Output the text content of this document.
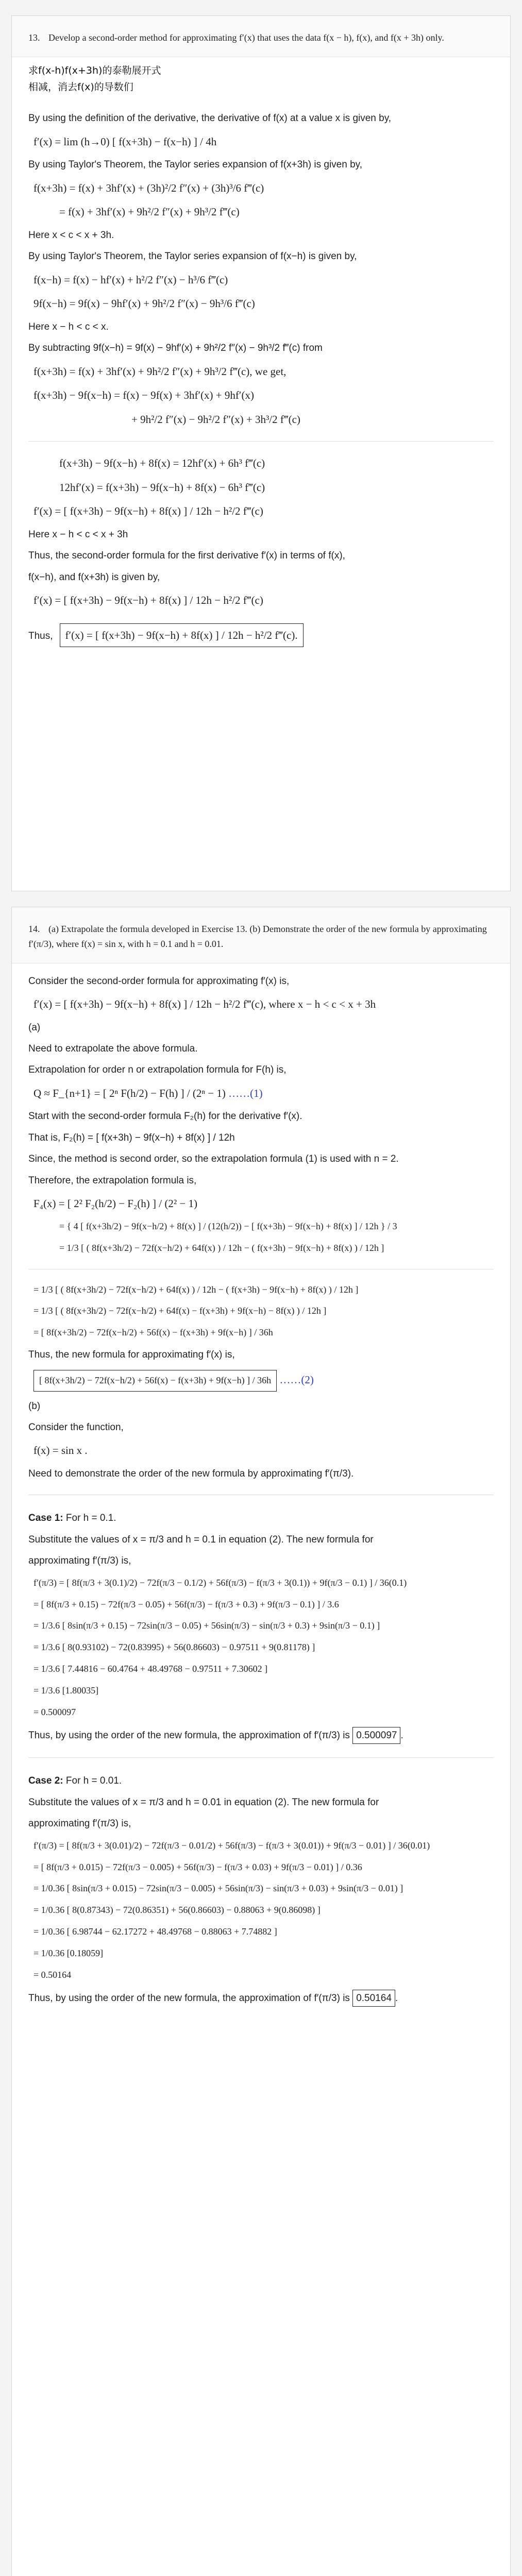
13. Develop a second-order method for approximating f′(x) that uses the data f(x − h), f(x), and f(x + 3h) only.
求f(x-h)f(x+3h)的泰勒展开式
相减，消去f(x)的导数们
By using the definition of the derivative, the derivative of f(x) at a value x is given by,
f′(x) = lim (h→0) [ f(x+3h) − f(x−h) ] / 4h
By using Taylor's Theorem, the Taylor series expansion of f(x+3h) is given by,
f(x+3h) = f(x) + 3hf′(x) + (3h)²/2 f″(x) + (3h)³/6 f‴(c)
= f(x) + 3hf′(x) + 9h²/2 f″(x) + 9h³/2 f‴(c)
Here x < c < x + 3h.
By using Taylor's Theorem, the Taylor series expansion of f(x−h) is given by,
f(x−h) = f(x) − hf′(x) + h²/2 f″(x) − h³/6 f‴(c)
9f(x−h) = 9f(x) − 9hf′(x) + 9h²/2 f″(x) − 9h³/6 f‴(c)
Here x − h < c < x.
By subtracting 9f(x−h) = 9f(x) − 9hf′(x) + 9h²/2 f″(x) − 9h³/2 f‴(c) from
f(x+3h) = f(x) + 3hf′(x) + 9h²/2 f″(x) + 9h³/2 f‴(c), we get,
f(x+3h) − 9f(x−h) = f(x) − 9f(x) + 3hf′(x) + 9hf′(x)
+ 9h²/2 f″(x) − 9h²/2 f″(x) + 3h³/2 f‴(c)
f(x+3h) − 9f(x−h) + 8f(x) = 12hf′(x) + 6h³ f‴(c)
12hf′(x) = f(x+3h) − 9f(x−h) + 8f(x) − 6h³ f‴(c)
f′(x) = [ f(x+3h) − 9f(x−h) + 8f(x) ] / 12h − h²/2 f‴(c)
Here x − h < c < x + 3h
Thus, the second-order formula for the first derivative f′(x) in terms of f(x),
f(x−h), and f(x+3h) is given by,
f′(x) = [ f(x+3h) − 9f(x−h) + 8f(x) ] / 12h − h²/2 f‴(c)
Thus, f′(x) = [ f(x+3h) − 9f(x−h) + 8f(x) ] / 12h − h²/2 f‴(c).
14. (a) Extrapolate the formula developed in Exercise 13. (b) Demonstrate the order of the new formula by approximating f′(π/3), where f(x) = sin x, with h = 0.1 and h = 0.01.
Consider the second-order formula for approximating f′(x) is,
f′(x) = [ f(x+3h) − 9f(x−h) + 8f(x) ] / 12h − h²/2 f‴(c), where x − h < c < x + 3h
(a)
Need to extrapolate the above formula.
Extrapolation for order n or extrapolation formula for F(h) is,
Q ≈ F_{n+1} = [ 2ⁿ F(h/2) − F(h) ] / (2ⁿ − 1) ……(1)
Start with the second-order formula F₂(h) for the derivative f′(x).
That is, F₂(h) = [ f(x+3h) − 9f(x−h) + 8f(x) ] / 12h
Since, the method is second order, so the extrapolation formula (1) is used with n = 2.
Therefore, the extrapolation formula is,
F₄(x) = [ 2² F₂(h/2) − F₂(h) ] / (2² − 1)
= { 4 [ f(x+3h/2) − 9f(x−h/2) + 8f(x) ] / (12(h/2)) − [ f(x+3h) − 9f(x−h) + 8f(x) ] / 12h } / 3
= 1/3 [ ( 8f(x+3h/2) − 72f(x−h/2) + 64f(x) ) / 12h − ( f(x+3h) − 9f(x−h) + 8f(x) ) / 12h ]
= 1/3 [ ( 8f(x+3h/2) − 72f(x−h/2) + 64f(x) ) / 12h − ( f(x+3h) − 9f(x−h) + 8f(x) ) / 12h ]
= 1/3 [ ( 8f(x+3h/2) − 72f(x−h/2) + 64f(x) − f(x+3h) + 9f(x−h) − 8f(x) ) / 12h ]
= [ 8f(x+3h/2) − 72f(x−h/2) + 56f(x) − f(x+3h) + 9f(x−h) ] / 36h
Thus, the new formula for approximating f′(x) is,
[ 8f(x+3h/2) − 72f(x−h/2) + 56f(x) − f(x+3h) + 9f(x−h) ] / 36h ……(2)
(b)
Consider the function,
f(x) = sin x .
Need to demonstrate the order of the new formula by approximating f′(π/3).
Case 1: For h = 0.1.
Substitute the values of x = π/3 and h = 0.1 in equation (2). The new formula for
approximating f′(π/3) is,
f′(π/3) = [ 8f(π/3 + 3(0.1)/2) − 72f(π/3 − 0.1/2) + 56f(π/3) − f(π/3 + 3(0.1)) + 9f(π/3 − 0.1) ] / 36(0.1)
= [ 8f(π/3 + 0.15) − 72f(π/3 − 0.05) + 56f(π/3) − f(π/3 + 0.3) + 9f(π/3 − 0.1) ] / 3.6
= 1/3.6 [ 8sin(π/3 + 0.15) − 72sin(π/3 − 0.05) + 56sin(π/3) − sin(π/3 + 0.3) + 9sin(π/3 − 0.1) ]
= 1/3.6 [ 8(0.93102) − 72(0.83995) + 56(0.86603) − 0.97511 + 9(0.81178) ]
= 1/3.6 [ 7.44816 − 60.4764 + 48.49768 − 0.97511 + 7.30602 ]
= 1/3.6 [1.80035]
= 0.500097
Thus, by using the order of the new formula, the approximation of f′(π/3) is 0.500097 .
Case 2: For h = 0.01.
Substitute the values of x = π/3 and h = 0.01 in equation (2). The new formula for
approximating f′(π/3) is,
f′(π/3) = [ 8f(π/3 + 3(0.01)/2) − 72f(π/3 − 0.01/2) + 56f(π/3) − f(π/3 + 3(0.01)) + 9f(π/3 − 0.01) ] / 36(0.01)
= [ 8f(π/3 + 0.015) − 72f(π/3 − 0.005) + 56f(π/3) − f(π/3 + 0.03) + 9f(π/3 − 0.01) ] / 0.36
= 1/0.36 [ 8sin(π/3 + 0.015) − 72sin(π/3 − 0.005) + 56sin(π/3) − sin(π/3 + 0.03) + 9sin(π/3 − 0.01) ]
= 1/0.36 [ 8(0.87343) − 72(0.86351) + 56(0.86603) − 0.88063 + 9(0.86098) ]
= 1/0.36 [ 6.98744 − 62.17272 + 48.49768 − 0.88063 + 7.74882 ]
= 1/0.36 [0.18059]
= 0.50164
Thus, by using the order of the new formula, the approximation of f′(π/3) is 0.50164 .
